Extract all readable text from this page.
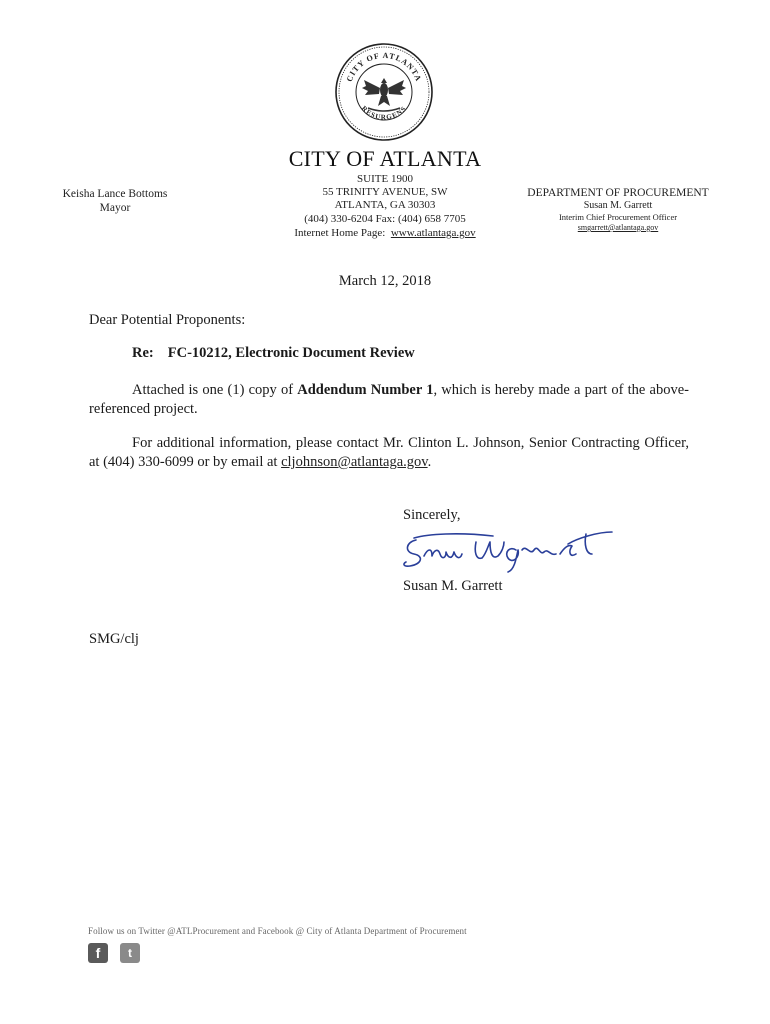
CITY OF ATLANTA
RESURGENS
CITY OF ATLANTA
SUITE 1900
55 TRINITY AVENUE, SW
ATLANTA, GA 30303
(404) 330-6204 Fax: (404) 658 7705
Internet Home Page: www.atlantaga.gov
Keisha Lance Bottoms
Mayor
DEPARTMENT OF PROCUREMENT
Susan M. Garrett
Interim Chief Procurement Officer
smgarrett@atlantaga.gov
March 12, 2018
Dear Potential Proponents:
Re: FC-10212, Electronic Document Review
Attached is one (1) copy of Addendum Number 1, which is hereby made a part of the above-referenced project.
For additional information, please contact Mr. Clinton L. Johnson, Senior Contracting Officer, at (404) 330-6099 or by email at cljohnson@atlantaga.gov.
Sincerely,
Susan M. Garrett
SMG/clj
Follow us on Twitter @ATLProcurement and Facebook @ City of Atlanta Department of Procurement
f	t
